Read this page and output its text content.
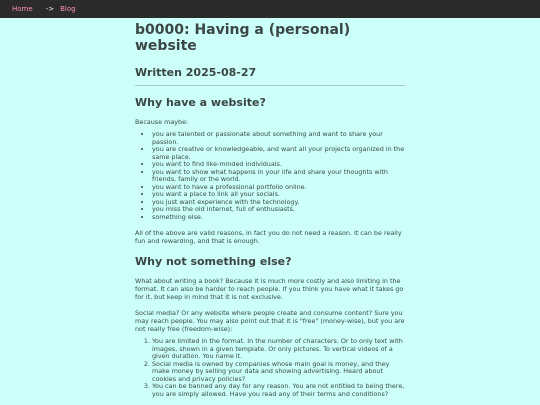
Home -> Blog
b0000: Having a (personal) website
Written 2025-08-27
Why have a website?

Because maybe:

• you are talented or passionate about something and want to share your passion.
• you are creative or knowledgeable, and want all your projects organized in the same place.
• you want to find like-minded individuals.
• you want to show what happens in your life and share your thoughts with friends, family or the world.
• you want to have a professional portfolio online.
• you want a place to link all your socials.
• you just want experience with the technology.
• you miss the old internet, full of enthusiasts.
• something else.

All of the above are valid reasons, in fact you do not need a reason. It can be really fun and rewarding, and that is enough.

Why not something else?

What about writing a book? Because it is much more costly and also limiting in the format. It can also be harder to reach people. If you think you have what it takes go for it, but keep in mind that it is not exclusive.

Social media? Or any website where people create and consume content? Sure you may reach people. You may also point out that it is "free" (money-wise), but you are not really free (freedom-wise):

1. You are limited in the format. In the number of characters. Or to only text with images, shown in a given template. Or only pictures. To vertical videos of a given duration. You name it.
2. Social media is owned by companies whose main goal is money, and they make money by selling your data and showing advertising. Heard about cookies and privacy policies?
3. You can be banned any day for any reason. You are not entitled to being there, you are simply allowed. Have you read any of their terms and conditions?
